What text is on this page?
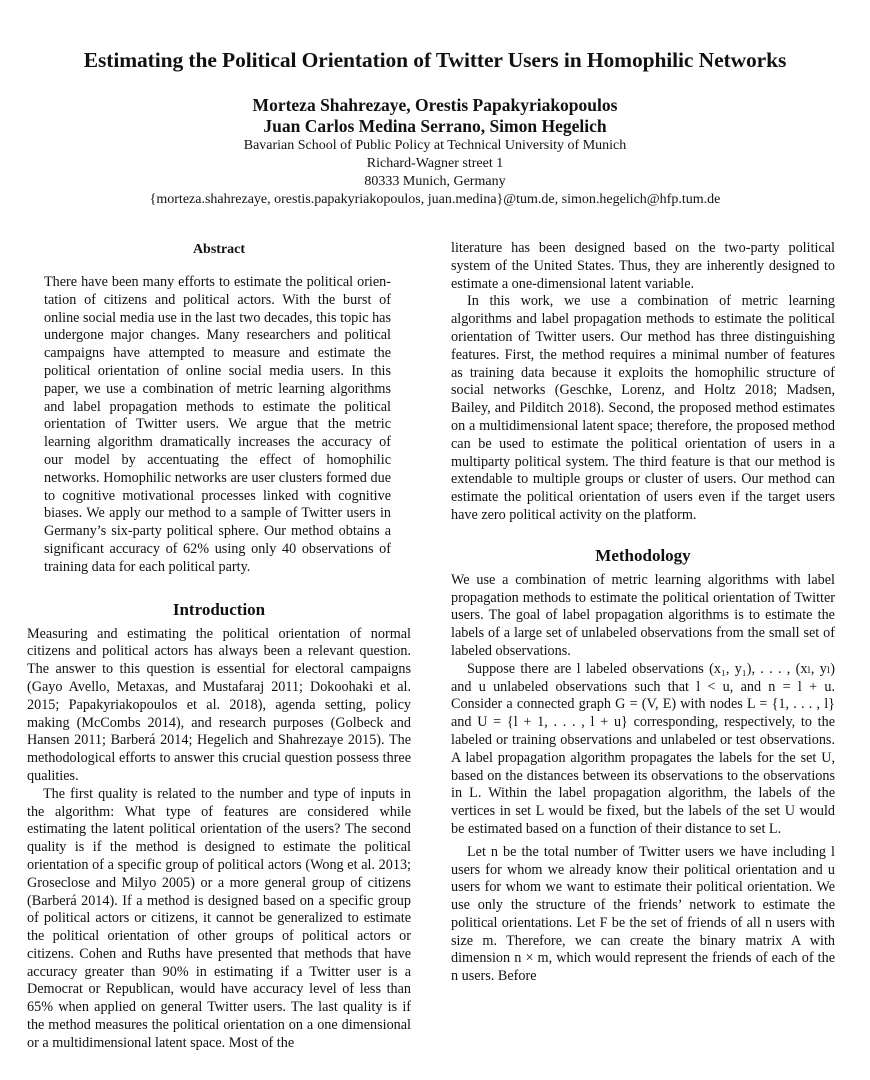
Estimating the Political Orientation of Twitter Users in Homophilic Networks
Morteza Shahrezaye, Orestis Papakyriakopoulos
Juan Carlos Medina Serrano, Simon Hegelich
Bavarian School of Public Policy at Technical University of Munich
Richard-Wagner street 1
80333 Munich, Germany
{morteza.shahrezaye, orestis.papakyriakopoulos, juan.medina}@tum.de, simon.hegelich@hfp.tum.de
Abstract

There have been many efforts to estimate the political orientation of citizens and political actors. With the burst of online social media use in the last two decades, this topic has undergone major changes. Many researchers and political campaigns have attempted to measure and estimate the political orientation of online social media users. In this paper, we use a combination of metric learning algorithms and label propagation methods to estimate the political orientation of Twitter users. We argue that the metric learning algorithm dramatically increases the accuracy of our model by accentuating the effect of homophilic networks. Homophilic networks are user clusters formed due to cognitive motivational processes linked with cognitive biases. We apply our method to a sample of Twitter users in Germany’s six-party political sphere. Our method obtains a significant accuracy of 62% using only 40 observations of training data for each political party.

Introduction

Measuring and estimating the political orientation of normal citizens and political actors has always been a relevant question. The answer to this question is essential for electoral campaigns (Gayo Avello, Metaxas, and Mustafaraj 2011; Dokoohaki et al. 2015; Papakyriakopoulos et al. 2018), agenda setting, policy making (McCombs 2014), and research purposes (Golbeck and Hansen 2011; Barberá 2014; Hegelich and Shahrezaye 2015). The methodological efforts to answer this crucial question possess three qualities.

The first quality is related to the number and type of inputs in the algorithm: What type of features are considered while estimating the latent political orientation of the users? The second quality is if the method is designed to estimate the political orientation of a specific group of political actors (Wong et al. 2013; Groseclose and Milyo 2005) or a more general group of citizens (Barberá 2014). If a method is designed based on a specific group of political actors or citizens, it cannot be generalized to estimate the political orientation of other groups of political actors or citizens. Cohen and Ruths have presented that methods that have accuracy greater than 90% in estimating if a Twitter user is a Democrat or Republican, would have accuracy level of less than 65% when applied on general Twitter users. The last quality is if the method measures the political orientation on a one dimensional or a multidimensional latent space. Most of the

literature has been designed based on the two-party political system of the United States. Thus, they are inherently designed to estimate a one-dimensional latent variable.

In this work, we use a combination of metric learning algorithms and label propagation methods to estimate the political orientation of Twitter users. Our method has three distinguishing features. First, the method requires a minimal number of features as training data because it exploits the homophilic structure of social networks (Geschke, Lorenz, and Holtz 2018; Madsen, Bailey, and Pilditch 2018). Second, the proposed method estimates on a multidimensional latent space; therefore, the proposed method can be used to estimate the political orientation of users in a multiparty political system. The third feature is that our method is extendable to multiple groups or cluster of users. Our method can estimate the political orientation of users even if the target users have zero political activity on the platform.

Methodology

We use a combination of metric learning algorithms with label propagation methods to estimate the political orientation of Twitter users. The goal of label propagation algorithms is to estimate the labels of a large set of unlabeled observations from the small set of labeled observations.

Suppose there are l labeled observations (x₁, y₁), . . . , (xₗ, yₗ) and u unlabeled observations such that l < u, and n = l + u. Consider a connected graph G = (V, E) with nodes L = {1, . . . , l} and U = {l + 1, . . . , l + u} corresponding, respectively, to the labeled or training observations and unlabeled or test observations. A label propagation algorithm propagates the labels for the set U, based on the distances between its observations to the observations in L. Within the label propagation algorithm, the labels of the vertices in set L would be fixed, but the labels of the set U would be estimated based on a function of their distance to set L.

Let n be the total number of Twitter users we have including l users for whom we already know their political orientation and u users for whom we want to estimate their political orientation. We use only the structure of the friends’ network to estimate the political orientations. Let F be the set of friends of all n users with size m. Therefore, we can create the binary matrix A with dimension n × m, which would represent the friends of each of the n users. Before
